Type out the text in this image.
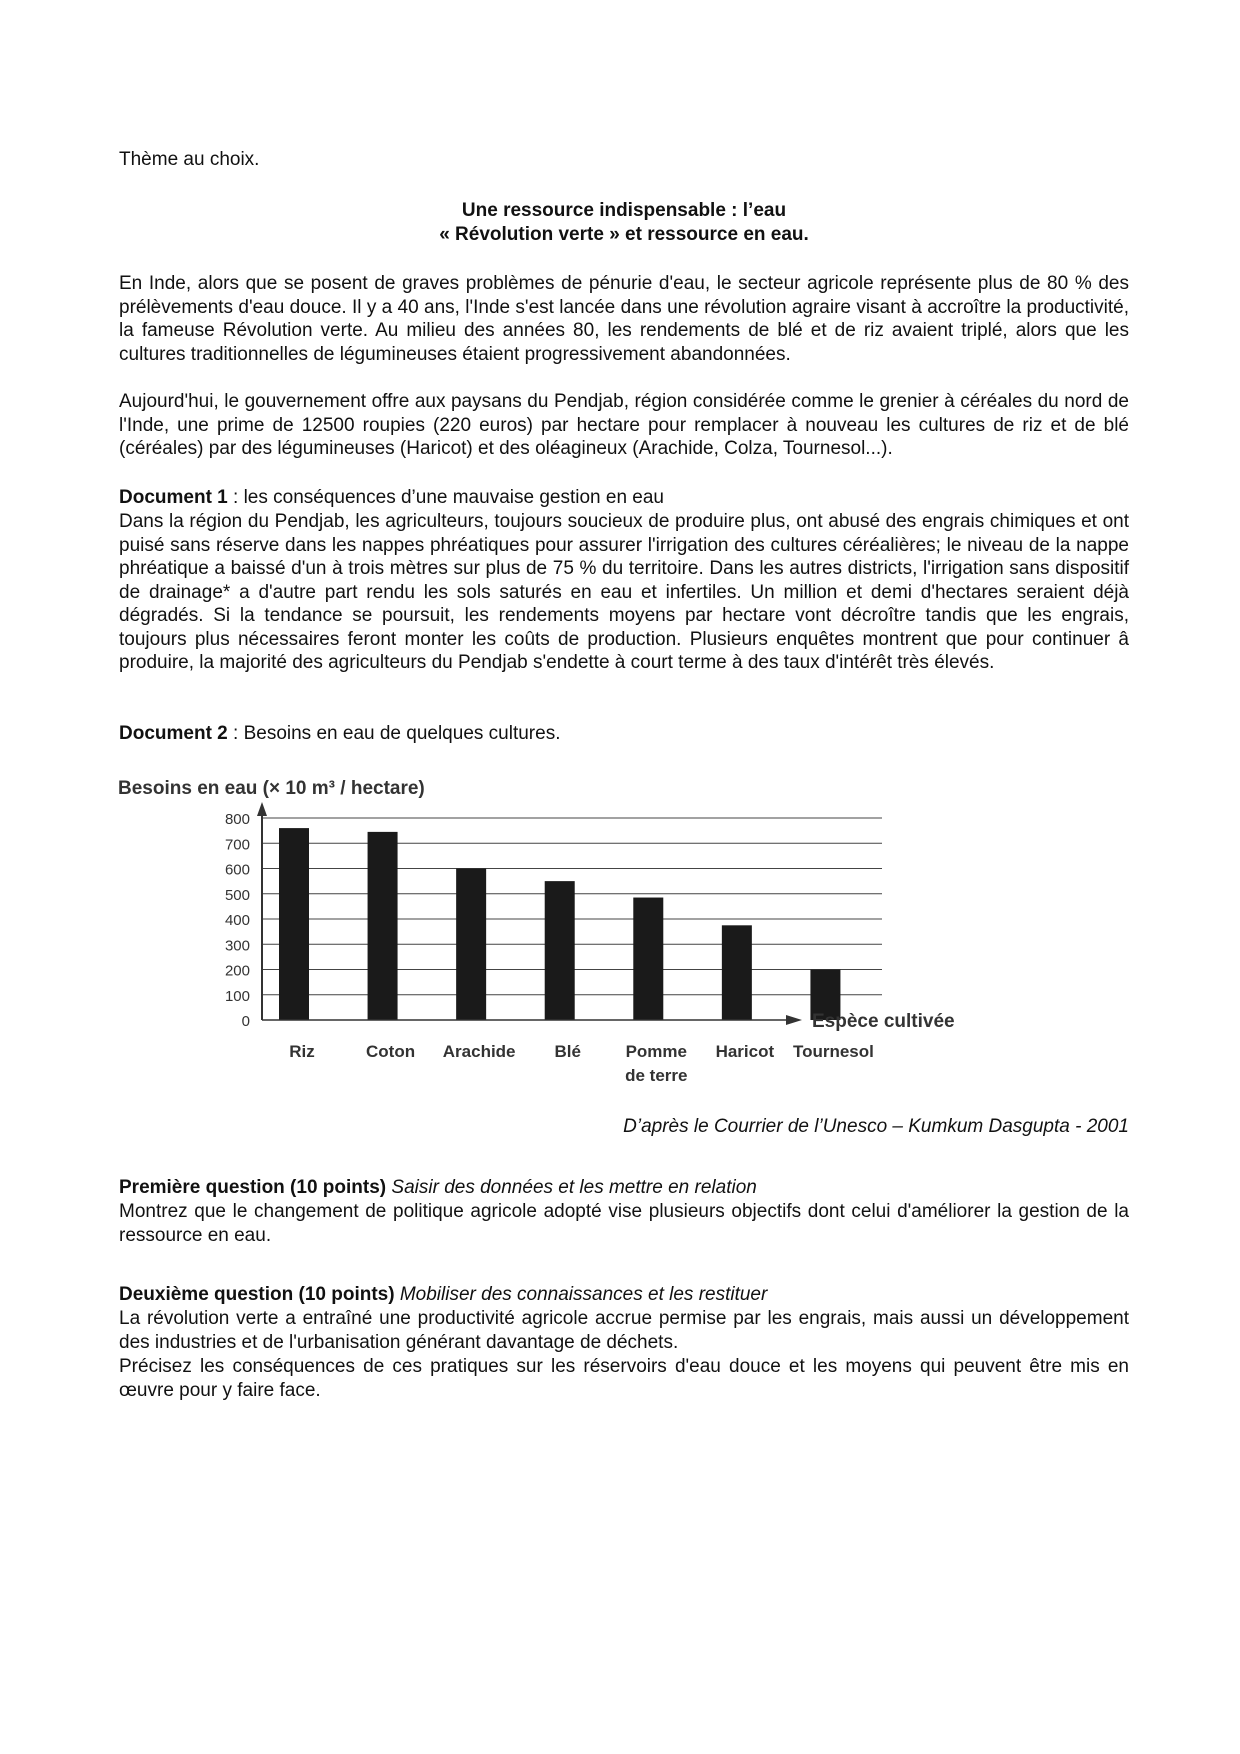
Thème au choix.
Une ressource indispensable : l’eau
« Révolution verte » et ressource en eau.
En Inde, alors que se posent de graves problèmes de pénurie d'eau, le secteur agricole représente plus de 80 % des prélèvements d'eau douce. Il y a 40 ans, l'Inde s'est lancée dans une révolution agraire visant à accroître la productivité, la fameuse Révolution verte. Au milieu des années 80, les rendements de blé et de riz avaient triplé, alors que les cultures traditionnelles de légumineuses étaient progressivement abandonnées.
Aujourd'hui, le gouvernement offre aux paysans du Pendjab, région considérée comme le grenier à céréales du nord de l'Inde, une prime de 12500 roupies (220 euros) par hectare pour remplacer à nouveau les cultures de riz et de blé (céréales) par des légumineuses (Haricot) et des oléagineux (Arachide, Colza, Tournesol...).
Document 1 : les conséquences d’une mauvaise gestion en eau
Dans la région du Pendjab, les agriculteurs, toujours soucieux de produire plus, ont abusé des engrais chimiques et ont puisé sans réserve dans les nappes phréatiques pour assurer l'irrigation des cultures céréalières; le niveau de la nappe phréatique a baissé d'un à trois mètres sur plus de 75 % du territoire. Dans les autres districts, l'irrigation sans dispositif de drainage* a d'autre part rendu les sols saturés en eau et infertiles. Un million et demi d'hectares seraient déjà dégradés. Si la tendance se poursuit, les rendements moyens par hectare vont décroître tandis que les engrais, toujours plus nécessaires feront monter les coûts de production. Plusieurs enquêtes montrent que pour continuer â produire, la majorité des agriculteurs du Pendjab s'endette à court terme à des taux d'intérêt très élevés.
Document 2 : Besoins en eau de quelques cultures.
Besoins en eau (× 10 m³ / hectare)
0
100
200
300
400
500
600
700
800
Riz	Coton Arachide Blé	Pomme
de terre
Haricot Tournesol
Espèce cultivée
D’après le Courrier de l’Unesco – Kumkum Dasgupta - 2001
Première question (10 points) Saisir des données et les mettre en relation
Montrez que le changement de politique agricole adopté vise plusieurs objectifs dont celui d'améliorer la gestion de la ressource en eau.
Deuxième question (10 points) Mobiliser des connaissances et les restituer
La révolution verte a entraîné une productivité agricole accrue permise par les engrais, mais aussi un développement des industries et de l'urbanisation générant davantage de déchets.
Précisez les conséquences de ces pratiques sur les réservoirs d'eau douce et les moyens qui peuvent être mis en œuvre pour y faire face.
